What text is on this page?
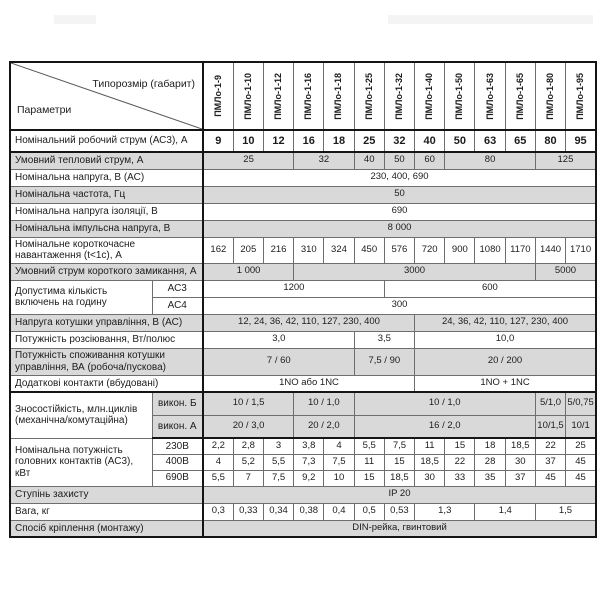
Типорозмір (габарит)
Параметри		ПМЛо-1-9	ПМЛо-1-10	ПМЛо-1-12	ПМЛо-1-16	ПМЛо-1-18	ПМЛо-1-25	ПМЛо-1-32	ПМЛо-1-40	ПМЛо-1-50	ПМЛо-1-63	ПМЛо-1-65	ПМЛо-1-80	ПМЛо-1-95

Номінальний робочий струм (АС3), А		9	10	12	16	18	25	32	40	50	63	65	80	95
Умовний тепловий струм, А		25			32		40	50	60	80			125	
Номінальна напруга, В (АС)		230, 400, 690												
Номінальна частота, Гц		50												
Номінальна напруга ізоляції, В		690												
Номінальна імпульсна напруга, В		8 000												
Номінальне короткочасне навантаження (t<1c), А		162	205	216	310	324	450	576	720	900	1080	1170	1440	1710
Умовний струм короткого замикання, А		1 000			3000								5000	
Допустима кількість включень на годину	АС3	1200						600						
	АС4	300												
Напруга котушки управління, В (АС)		12, 24, 36, 42, 110, 127, 230, 400							24, 36, 42, 110, 127, 230, 400					
Потужність розсіювання, Вт/полюс		3,0					3,5		10,0					
Потужність споживання котушки управління, ВА (робоча/пускова)		7 / 60					7,5 / 90		20 / 200					
Додаткові контакти (вбудовані)		1NO або 1NC							1NO + 1NC					
Зносостійкість, млн.циклів (механічна/комутаційна)	викон. Б	10 / 1,5			10 / 1,0		10 / 1,0						5/1,0	5/0,75
	викон. А	20 / 3,0			20 / 2,0		16 / 2,0						10/1,5	10/1
Номінальна потужність головних контактів (АС3), кВт	230В	2,2	2,8	3	3,8	4	5,5	7,5	11	15	18	18,5	22	25
	400В	4	5,2	5,5	7,3	7,5	11	15	18,5	22	28	30	37	45
	690В	5,5	7	7,5	9,2	10	15	18,5	30	33	35	37	45	45
Ступінь захисту		IP 20												
Вага, кг		0,3	0,33	0,34	0,38	0,4	0,5	0,53	1,3		1,4		1,5	
Спосіб кріплення (монтажу)		DIN-рейка, гвинтовий												
